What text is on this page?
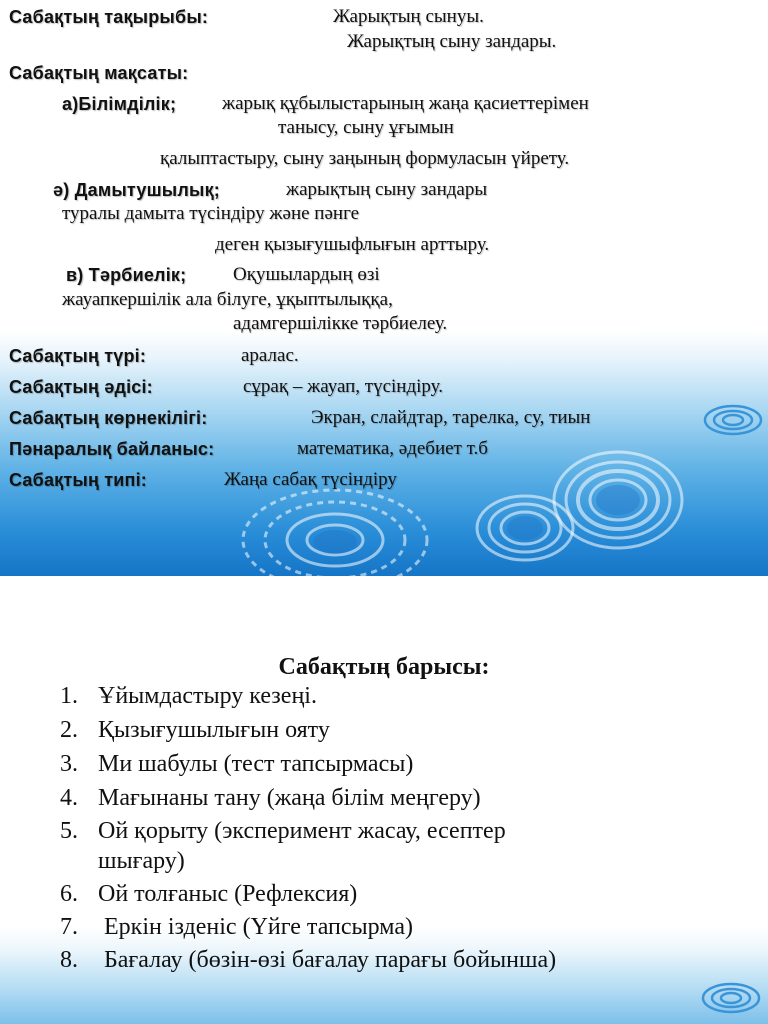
Сабақтың тақырыбы:	Жарықтың сынуы.
Жарықтың сыну зандары.
Сабақтың мақсаты:
а)Білімділік; жарық құбылыстарының жаңа қасиеттерімен
танысу, сыну ұғымын
қалыптастыру, сыну заңының формуласын үйрету.
ә) Дамытушылық;	жарықтың сыну зандары
туралы дамыта түсіндіру және пәнге
деген қызығушыфлығын арттыру.
в) Тәрбиелік; Оқушылардың өзі
жауапкершілік ала білуге, ұқыптылыққа,
адамгершілікке тәрбиелеу.
Сабақтың түрі:	аралас.
Сабақтың әдісі:	сұрақ – жауап, түсіндіру.
Сабақтың көрнекілігі:	Экран, слайдтар, тарелка, су, тиын
Пәнаралық байланыс:	математика, әдебиет т.б
Сабақтың типі:	Жаңа сабақ түсіндіру
Сабақтың барысы:
1. Ұйымдастыру кезеңі.
2. Қызығушылығын ояту
3. Ми шабулы (тест тапсырмасы)
4. Мағынаны тану (жаңа білім меңгеру)
5. Ой қорыту (эксперимент жасау, есептер
шығару)
6. Ой толғаныс (Рефлексия)
7. Еркін ізденіс (Үйге тапсырма)
8. Бағалау (бөзін-өзі бағалау парағы бойынша)
